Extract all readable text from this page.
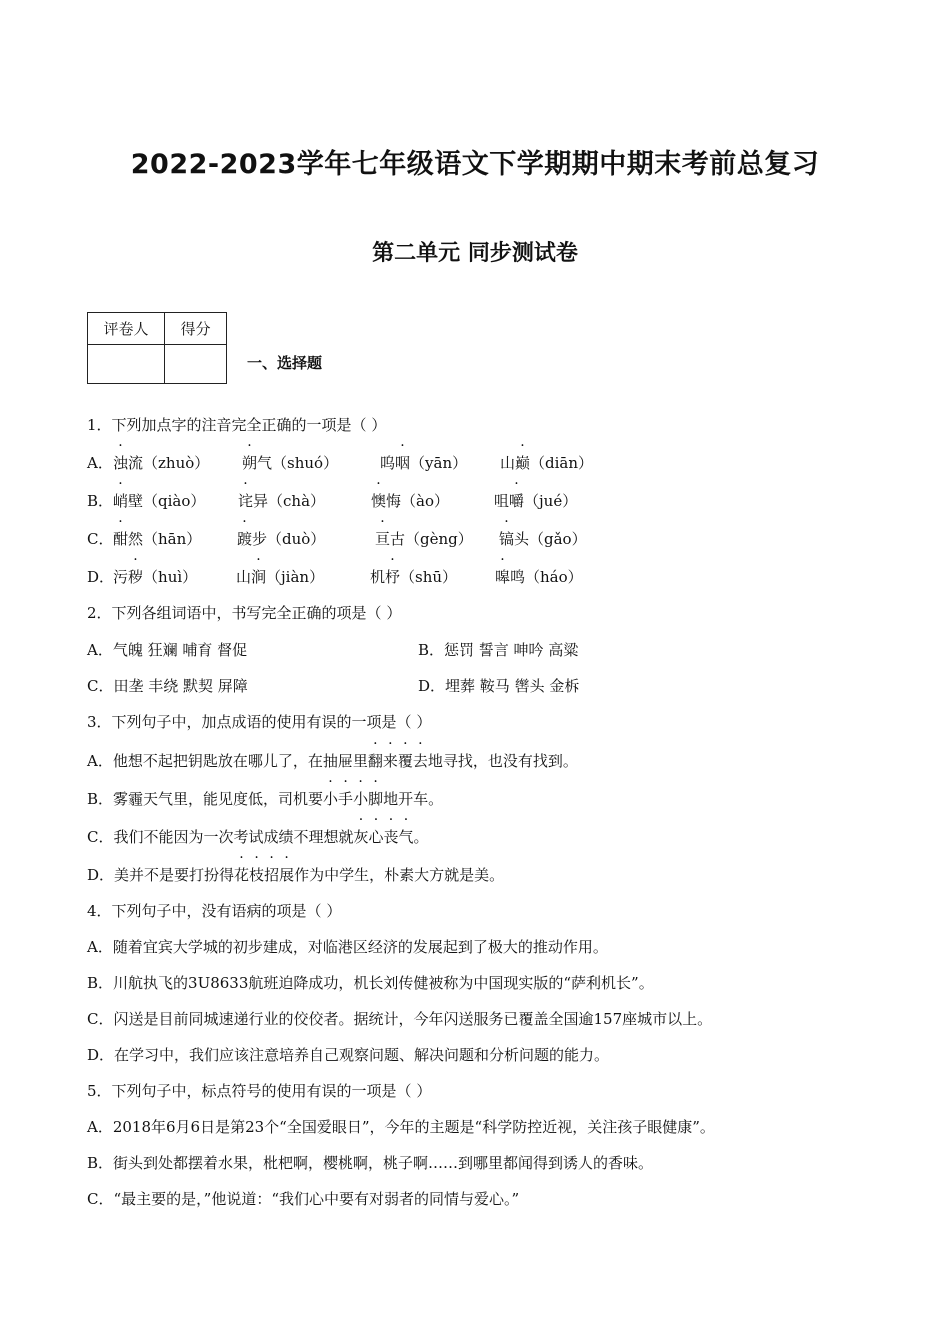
2022-2023学年七年级语文下学期期中期末考前总复习
第二单元 同步测试卷
评卷人	得分

一、选择题
1．下列加点字的注音完全正确的一项是（ ）
A． 浊流（zhuò） 朔气（shuó）	呜咽（yān） 山巅（diān）
B． 峭壁（qiào） 诧异（chà）	懊悔（ào）	咀嚼（jué）
C． 酣然（hān） 踱步（duò）	亘古（gèng） 镐头（gǎo）
D．
污秽（huì）	山涧（jiàn）	机杼（shū）	嗥鸣（háo）
2．下列各组词语中，书写完全正确的项是（ ）
A．气魄 狂斓 哺育 督促	B．惩罚 誓言 呻吟 高粱
C．田垄 丰绕 默契 屏障	D．埋葬 鞍马 辔头 金柝
3．下列句子中，加点成语的使用有误的一项是（ ）
A．他想不起把钥匙放在哪儿了，在抽屉里翻来覆去地寻找，也没有找到。
B．雾霾天气里，能见度低，司机要小手小脚地开车。
C．我们不能因为一次考试成绩不理想就灰心丧气。
D．美并不是要打扮得花枝招展作为中学生，朴素大方就是美。
4．下列句子中，没有语病的项是（ ）
A．随着宜宾大学城的初步建成，对临港区经济的发展起到了极大的推动作用。
B．川航执飞的3U8633航班迫降成功，机长刘传健被称为中国现实版的“萨利机长”。
C．闪送是目前同城速递行业的佼佼者。据统计，今年闪送服务已覆盖全国逾157座城市以上。
D．在学习中，我们应该注意培养自己观察问题、解决问题和分析问题的能力。
5．下列句子中，标点符号的使用有误的一项是（ ）
A．2018年6月6日是第23个“全国爱眼日”，今年的主题是“科学防控近视，关注孩子眼健康”。
B．街头到处都摆着水果，枇杷啊，樱桃啊，桃子啊……到哪里都闻得到诱人的香味。
C．“最主要的是，”他说道：“我们心中要有对弱者的同情与爱心。”
